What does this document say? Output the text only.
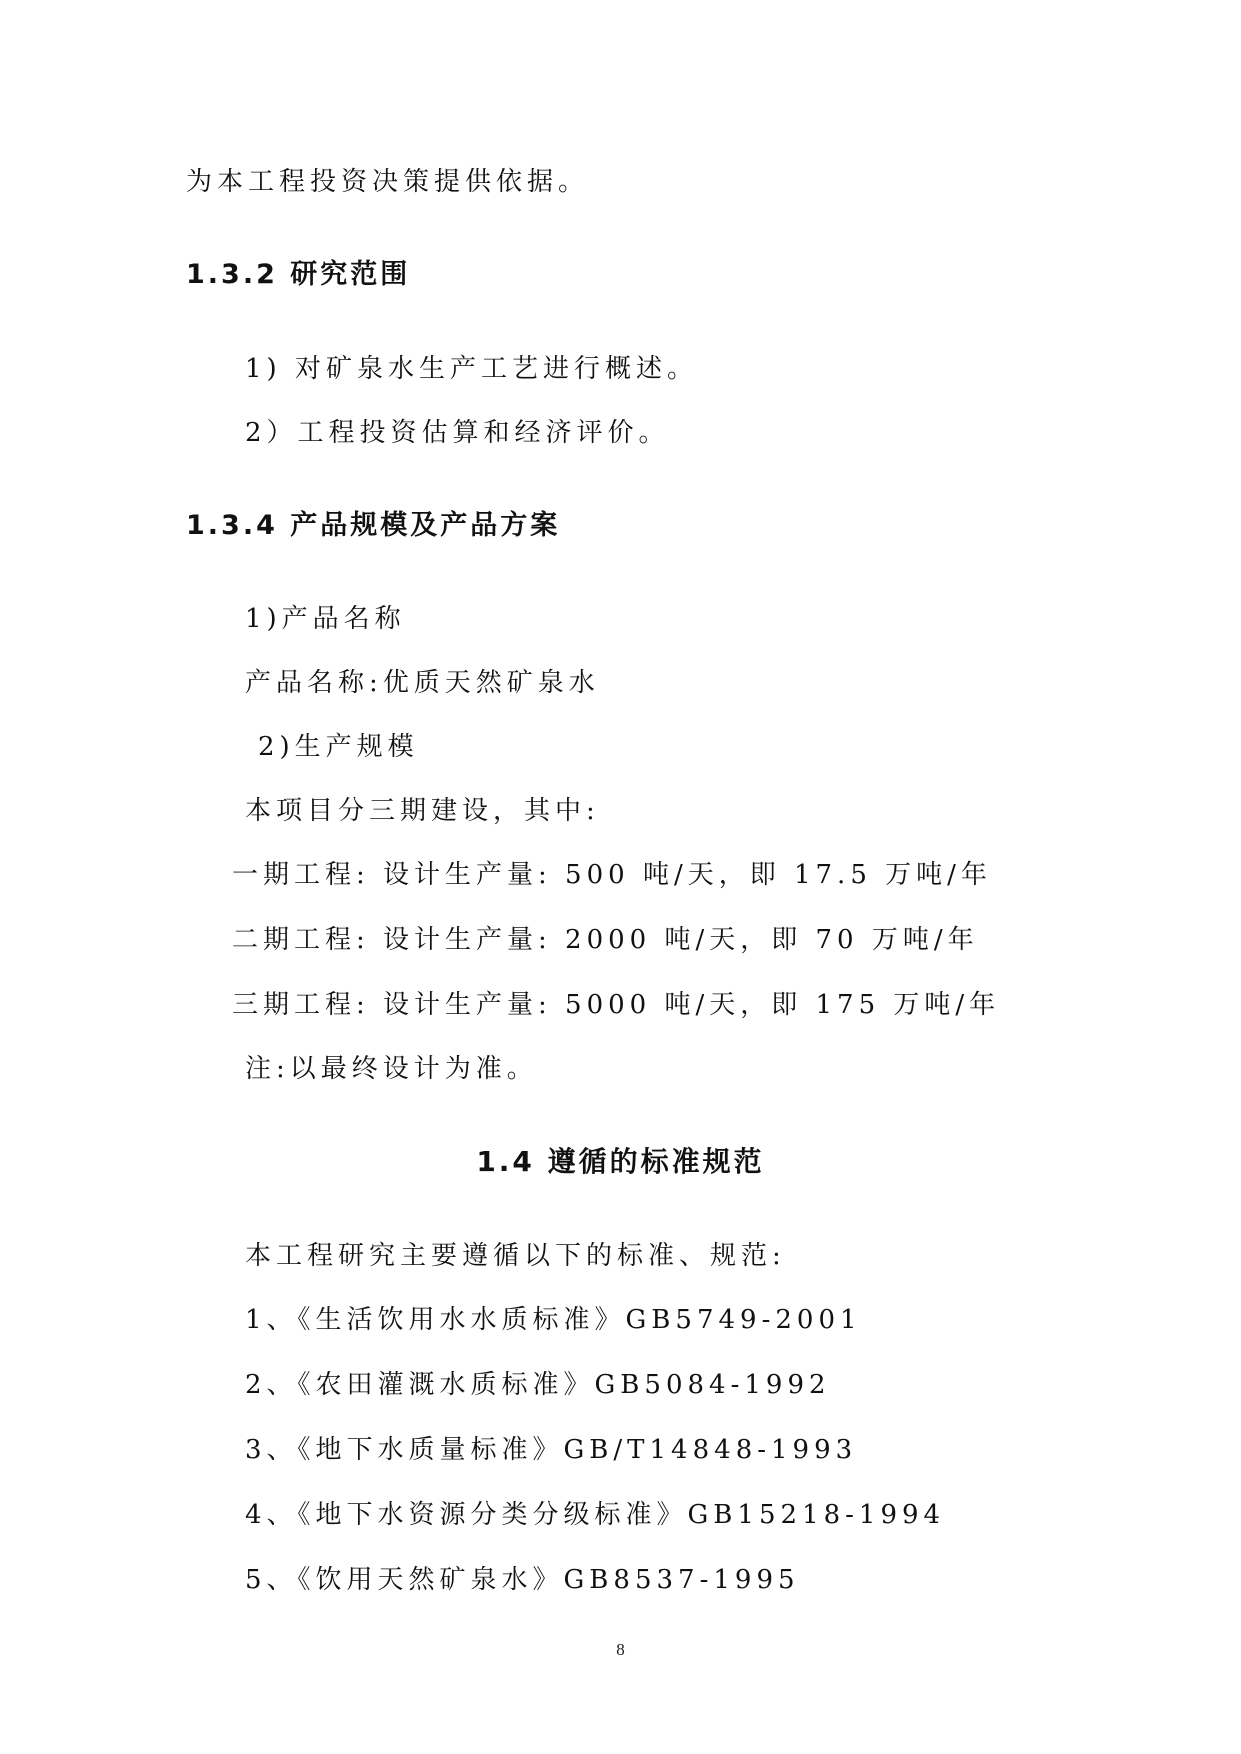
为本工程投资决策提供依据。
1.3.2 研究范围
1) 对矿泉水生产工艺进行概述。
2）工程投资估算和经济评价。
1.3.4 产品规模及产品方案
1)产品名称
产品名称:优质天然矿泉水
2)生产规模
本项目分三期建设，其中:
一期工程: 设计生产量: 500 吨/天，即 17.5 万吨/年
二期工程: 设计生产量: 2000 吨/天，即 70 万吨/年
三期工程: 设计生产量: 5000 吨/天，即 175 万吨/年
注:以最终设计为准。
1.4 遵循的标准规范
本工程研究主要遵循以下的标准、规范:
1、《生活饮用水水质标准》GB5749-2001
2、《农田灌溉水质标准》GB5084-1992
3、《地下水质量标准》GB/T14848-1993
4、《地下水资源分类分级标准》GB15218-1994
5、《饮用天然矿泉水》GB8537-1995
8
